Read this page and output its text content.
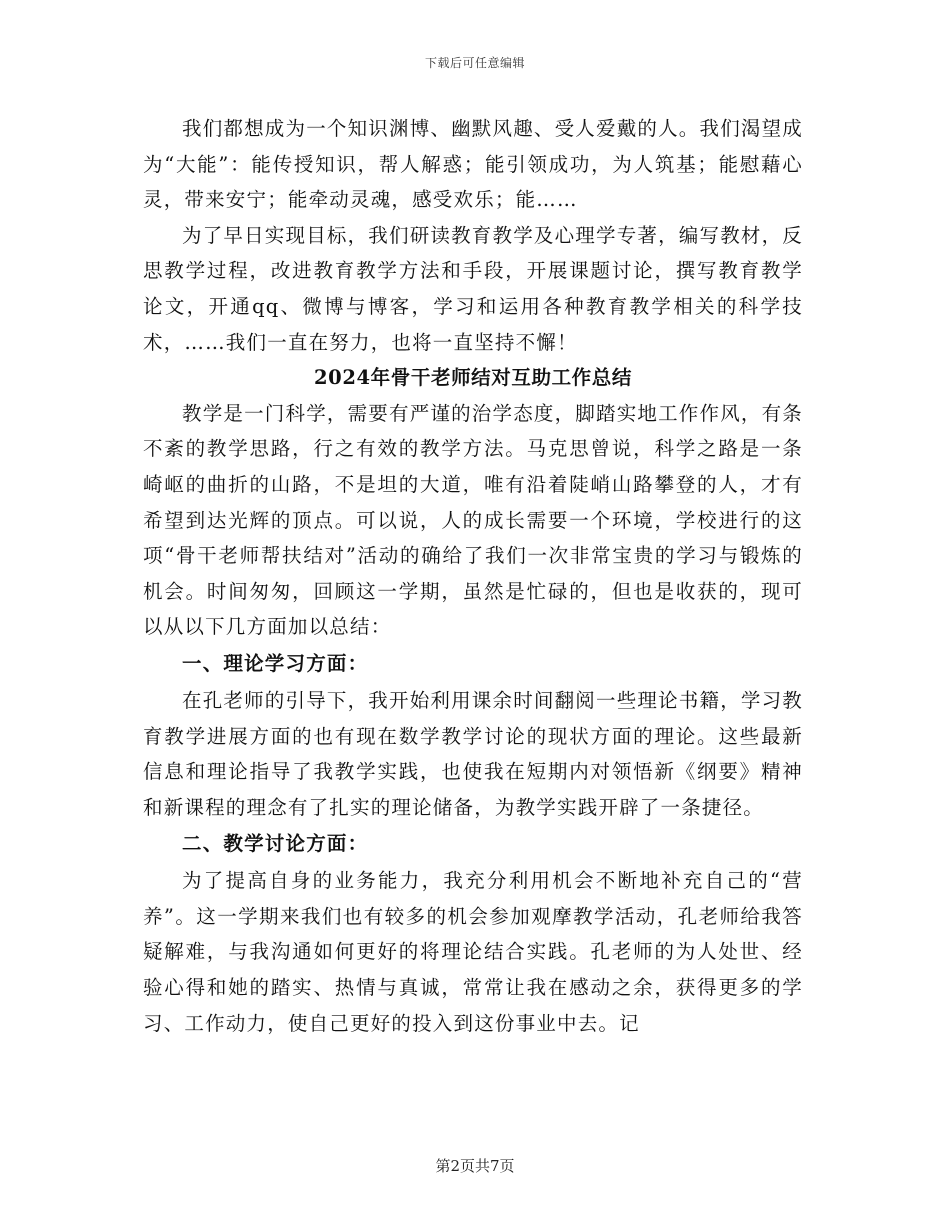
下载后可任意编辑

我们都想成为一个知识渊博、幽默风趣、受人爱戴的人。我们渴望成为“大能”：能传授知识，帮人解惑；能引领成功，为人筑基；能慰藉心灵，带来安宁；能牵动灵魂，感受欢乐；能……

为了早日实现目标，我们研读教育教学及心理学专著，编写教材，反思教学过程，改进教育教学方法和手段，开展课题讨论，撰写教育教学论文，开通qq、微博与博客，学习和运用各种教育教学相关的科学技术，……我们一直在努力，也将一直坚持不懈！

2024年骨干老师结对互助工作总结

教学是一门科学，需要有严谨的治学态度，脚踏实地工作作风，有条不紊的教学思路，行之有效的教学方法。马克思曾说，科学之路是一条崎岖的曲折的山路，不是坦的大道，唯有沿着陡峭山路攀登的人，才有希望到达光辉的顶点。可以说，人的成长需要一个环境，学校进行的这项“骨干老师帮扶结对”活动的确给了我们一次非常宝贵的学习与锻炼的机会。时间匆匆，回顾这一学期，虽然是忙碌的，但也是收获的，现可以从以下几方面加以总结：

一、理论学习方面：

在孔老师的引导下，我开始利用课余时间翻阅一些理论书籍，学习教育教学进展方面的也有现在数学教学讨论的现状方面的理论。这些最新信息和理论指导了我教学实践，也使我在短期内对领悟新《纲要》精神和新课程的理念有了扎实的理论储备，为教学实践开辟了一条捷径。

二、教学讨论方面：

为了提高自身的业务能力，我充分利用机会不断地补充自己的“营养”。这一学期来我们也有较多的机会参加观摩教学活动，孔老师给我答疑解难，与我沟通如何更好的将理论结合实践。孔老师的为人处世、经验心得和她的踏实、热情与真诚，常常让我在感动之余，获得更多的学习、工作动力，使自己更好的投入到这份事业中去。记

第2页共7页
